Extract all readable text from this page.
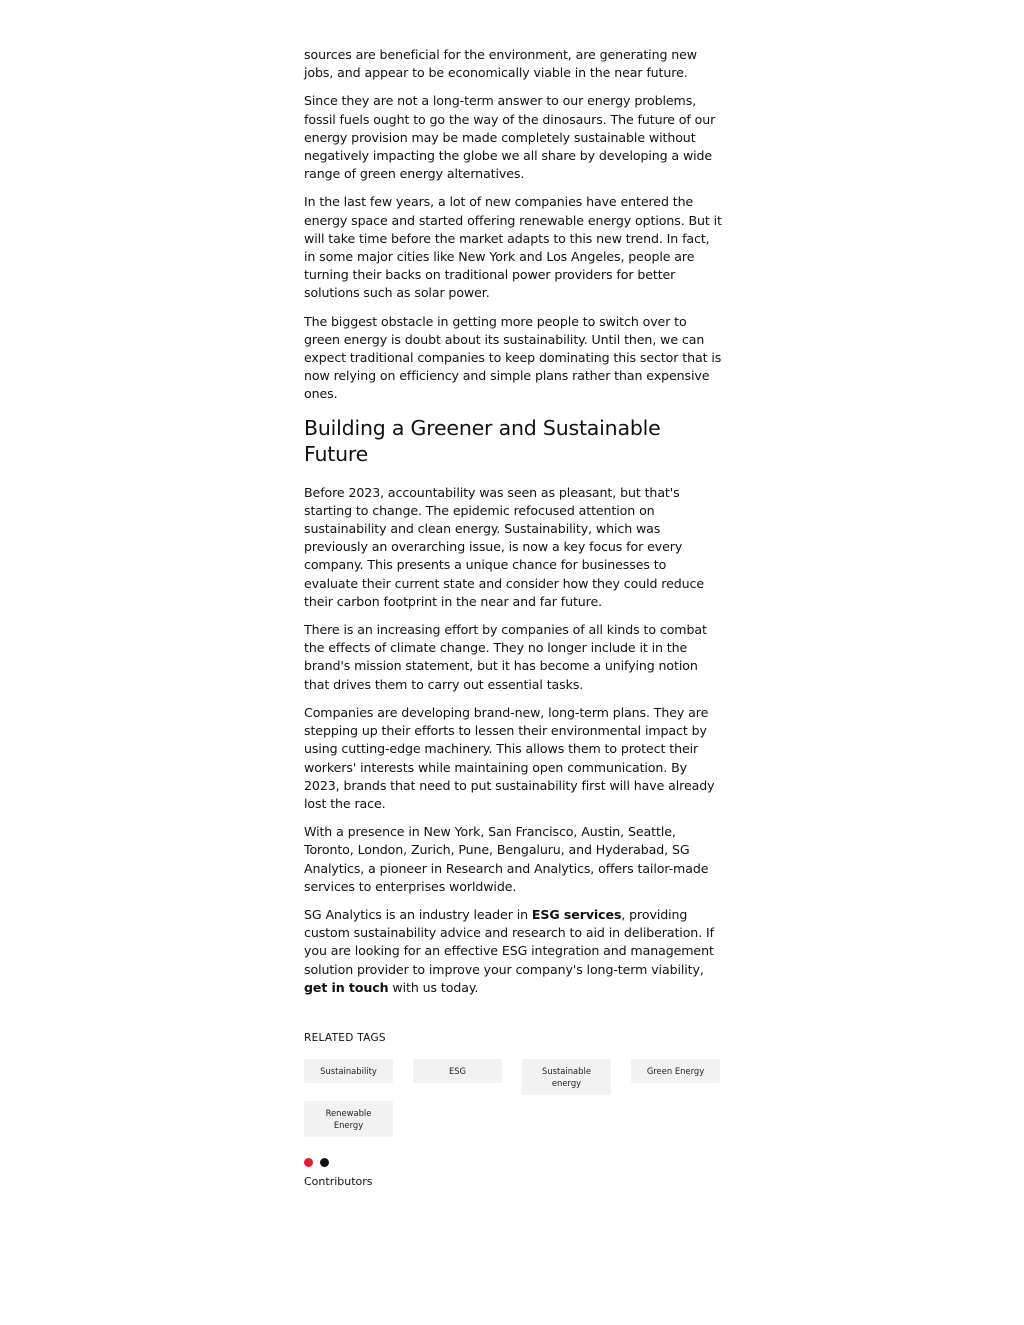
sources are beneficial for the environment, are generating new jobs, and appear to be economically viable in the near future.

Since they are not a long-term answer to our energy problems, fossil fuels ought to go the way of the dinosaurs. The future of our energy provision may be made completely sustainable without negatively impacting the globe we all share by developing a wide range of green energy alternatives.

In the last few years, a lot of new companies have entered the energy space and started offering renewable energy options. But it will take time before the market adapts to this new trend. In fact, in some major cities like New York and Los Angeles, people are turning their backs on traditional power providers for better solutions such as solar power.

The biggest obstacle in getting more people to switch over to green energy is doubt about its sustainability. Until then, we can expect traditional companies to keep dominating this sector that is now relying on efficiency and simple plans rather than expensive ones.

Building a Greener and Sustainable Future

Before 2023, accountability was seen as pleasant, but that's starting to change. The epidemic refocused attention on sustainability and clean energy. Sustainability, which was previously an overarching issue, is now a key focus for every company. This presents a unique chance for businesses to evaluate their current state and consider how they could reduce their carbon footprint in the near and far future.

There is an increasing effort by companies of all kinds to combat the effects of climate change. They no longer include it in the brand's mission statement, but it has become a unifying notion that drives them to carry out essential tasks.

Companies are developing brand-new, long-term plans. They are stepping up their efforts to lessen their environmental impact by using cutting-edge machinery. This allows them to protect their workers' interests while maintaining open communication. By 2023, brands that need to put sustainability first will have already lost the race.

With a presence in New York, San Francisco, Austin, Seattle, Toronto, London, Zurich, Pune, Bengaluru, and Hyderabad, SG Analytics, a pioneer in Research and Analytics, offers tailor-made services to enterprises worldwide.

SG Analytics is an industry leader in ESG services, providing custom sustainability advice and research to aid in deliberation. If you are looking for an effective ESG integration and management solution provider to improve your company's long-term viability, get in touch with us today.

RELATED TAGS
Sustainability	ESG	Sustainable energy
Green Energy
Renewable Energy
Contributors
